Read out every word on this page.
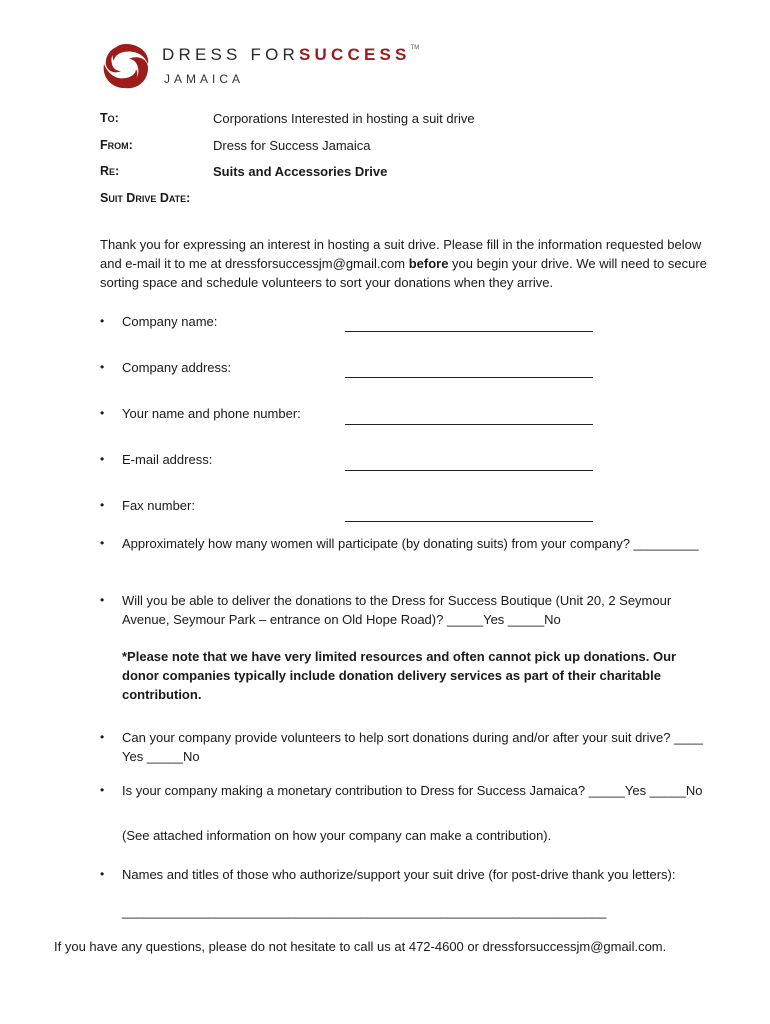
DRESS FORSUCCESS™
JAMAICA
To:	Corporations Interested in hosting a suit drive
From:	Dress for Success Jamaica
Re:	Suits and Accessories Drive
Suit Drive Date:
Thank you for expressing an interest in hosting a suit drive. Please fill in the information requested below and e-mail it to me at dressforsuccessjm@gmail.com before you begin your drive. We will need to secure sorting space and schedule volunteers to sort your donations when they arrive.
• Company name:
• Company address:
• Your name and phone number:
• E-mail address:
• Fax number:
• Approximately how many women will participate (by donating suits) from your company? _________
• Will you be able to deliver the donations to the Dress for Success Boutique (Unit 20, 2 Seymour Avenue, Seymour Park – entrance on Old Hope Road)? _____Yes _____No
*Please note that we have very limited resources and often cannot pick up donations. Our donor companies typically include donation delivery services as part of their charitable contribution.
• Can your company provide volunteers to help sort donations during and/or after your suit drive? ____ Yes _____No
• Is your company making a monetary contribution to Dress for Success Jamaica? _____Yes _____No
(See attached information on how your company can make a contribution).
• Names and titles of those who authorize/support your suit drive (for post-drive thank you letters):
___________________________________________________________________
If you have any questions, please do not hesitate to call us at 472-4600 or dressforsuccessjm@gmail.com.
